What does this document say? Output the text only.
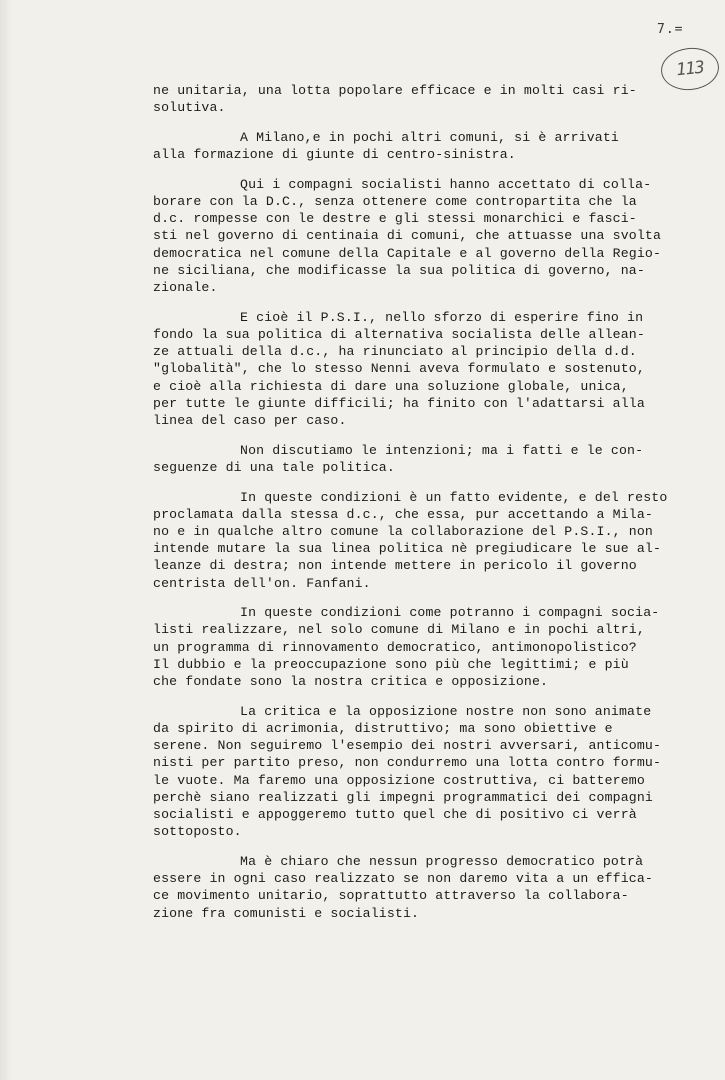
7.=
113
ne unitaria, una lotta popolare efficace e in molti casi ri-
solutiva.
A Milano,e in pochi altri comuni, si è arrivati
alla formazione di giunte di centro-sinistra.
Qui i compagni socialisti hanno accettato di colla-
borare con la D.C., senza ottenere come contropartita che la
d.c. rompesse con le destre e gli stessi monarchici e fasci-
sti nel governo di centinaia di comuni, che attuasse una svolta
democratica nel comune della Capitale e al governo della Regio-
ne siciliana, che modificasse la sua politica di governo, na-
zionale.
E cioè il P.S.I., nello sforzo di esperire fino in
fondo la sua politica di alternativa socialista delle allean-
ze attuali della d.c., ha rinunciato al principio della d.d.
"globalità", che lo stesso Nenni aveva formulato e sostenuto,
e cioè alla richiesta di dare una soluzione globale, unica,
per tutte le giunte difficili; ha finito con l'adattarsi alla
linea del caso per caso.
Non discutiamo le intenzioni; ma i fatti e le con-
seguenze di una tale politica.
In queste condizioni è un fatto evidente, e del resto
proclamata dalla stessa d.c., che essa, pur accettando a Mila-
no e in qualche altro comune la collaborazione del P.S.I., non
intende mutare la sua linea politica nè pregiudicare le sue al-
leanze di destra; non intende mettere in pericolo il governo
centrista dell'on. Fanfani.
In queste condizioni come potranno i compagni socia-
listi realizzare, nel solo comune di Milano e in pochi altri,
un programma di rinnovamento democratico, antimonopolistico?
Il dubbio e la preoccupazione sono più che legittimi; e più
che fondate sono la nostra critica e opposizione.
La critica e la opposizione nostre non sono animate
da spirito di acrimonia, distruttivo; ma sono obiettive e
serene. Non seguiremo l'esempio dei nostri avversari, anticomu-
nisti per partito preso, non condurremo una lotta contro formu-
le vuote. Ma faremo una opposizione costruttiva, ci batteremo
perchè siano realizzati gli impegni programmatici dei compagni
socialisti e appoggeremo tutto quel che di positivo ci verrà
sottoposto.
Ma è chiaro che nessun progresso democratico potrà
essere in ogni caso realizzato se non daremo vita a un effica-
ce movimento unitario, soprattutto attraverso la collabora-
zione fra comunisti e socialisti.
